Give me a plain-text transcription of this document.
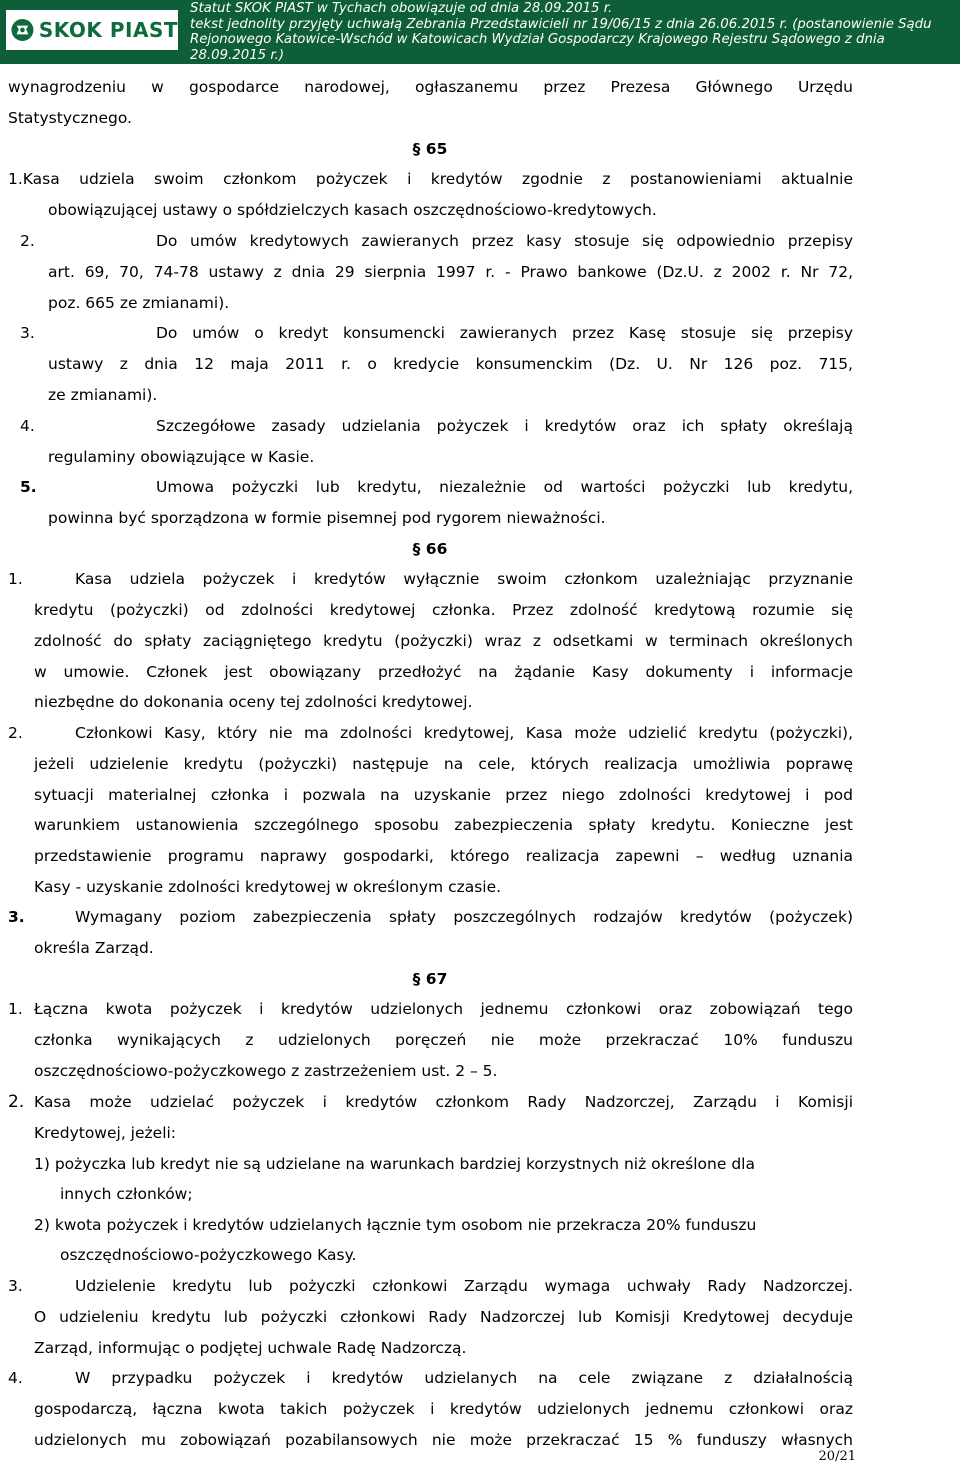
SKOK PIAST
Statut SKOK PIAST w Tychach obowiązuje od dnia 28.09.2015 r.
tekst jednolity przyjęty uchwałą Zebrania Przedstawicieli nr 19/06/15 z dnia 26.06.2015 r. (postanowienie Sądu
Rejonowego Katowice-Wschód w Katowicach Wydział Gospodarczy Krajowego Rejestru Sądowego z dnia
28.09.2015 r.)
wynagrodzeniu w gospodarce narodowej, ogłaszanemu przez Prezesa Głównego Urzędu
Statystycznego.
§ 65
1.Kasa udziela swoim członkom pożyczek i kredytów zgodnie z postanowieniami aktualnie
obowiązującej ustawy o spółdzielczych kasach oszczędnościowo-kredytowych.
2.	Do umów kredytowych zawieranych przez kasy stosuje się odpowiednio przepisy
art. 69, 70, 74-78 ustawy z dnia 29 sierpnia 1997 r. - Prawo bankowe (Dz.U. z 2002 r. Nr 72,
poz. 665 ze zmianami).
3.	Do umów o kredyt konsumencki zawieranych przez Kasę stosuje się przepisy
ustawy z dnia 12 maja 2011 r. o kredycie konsumenckim (Dz. U. Nr 126 poz. 715,
ze zmianami).
4.	Szczegółowe zasady udzielania pożyczek i kredytów oraz ich spłaty określają
regulaminy obowiązujące w Kasie.
5.	Umowa pożyczki lub kredytu, niezależnie od wartości pożyczki lub kredytu,
powinna być sporządzona w formie pisemnej pod rygorem nieważności.
§ 66
1.	Kasa udziela pożyczek i kredytów wyłącznie swoim członkom uzależniając przyznanie
kredytu (pożyczki) od zdolności kredytowej członka. Przez zdolność kredytową rozumie się
zdolność do spłaty zaciągniętego kredytu (pożyczki) wraz z odsetkami w terminach określonych
w umowie. Członek jest obowiązany przedłożyć na żądanie Kasy dokumenty i informacje
niezbędne do dokonania oceny tej zdolności kredytowej.
2.	Członkowi Kasy, który nie ma zdolności kredytowej, Kasa może udzielić kredytu (pożyczki),
jeżeli udzielenie kredytu (pożyczki) następuje na cele, których realizacja umożliwia poprawę
sytuacji materialnej członka i pozwala na uzyskanie przez niego zdolności kredytowej i pod
warunkiem ustanowienia szczególnego sposobu zabezpieczenia spłaty kredytu. Konieczne jest
przedstawienie programu naprawy gospodarki, którego realizacja zapewni – według uznania
Kasy - uzyskanie zdolności kredytowej w określonym czasie.
3.	Wymagany poziom zabezpieczenia spłaty poszczególnych rodzajów kredytów (pożyczek)
określa Zarząd.
§ 67
1. Łączna kwota pożyczek i kredytów udzielonych jednemu członkowi oraz zobowiązań tego
członka wynikających z udzielonych poręczeń nie może przekraczać 10% funduszu
oszczędnościowo-pożyczkowego z zastrzeżeniem ust. 2 – 5.
2. Kasa może udzielać pożyczek i kredytów członkom Rady Nadzorczej, Zarządu i Komisji
Kredytowej, jeżeli:
1) pożyczka lub kredyt nie są udzielane na warunkach bardziej korzystnych niż określone dla
innych członków;
2) kwota pożyczek i kredytów udzielanych łącznie tym osobom nie przekracza 20% funduszu
oszczędnościowo-pożyczkowego Kasy.
3.	Udzielenie kredytu lub pożyczki członkowi Zarządu wymaga uchwały Rady Nadzorczej.
O udzieleniu kredytu lub pożyczki członkowi Rady Nadzorczej lub Komisji Kredytowej decyduje
Zarząd, informując o podjętej uchwale Radę Nadzorczą.
4.	W przypadku pożyczek i kredytów udzielanych na cele związane z działalnością
gospodarczą, łączna kwota takich pożyczek i kredytów udzielonych jednemu członkowi oraz
udzielonych mu zobowiązań pozabilansowych nie może przekraczać 15 % funduszy własnych
20/21
